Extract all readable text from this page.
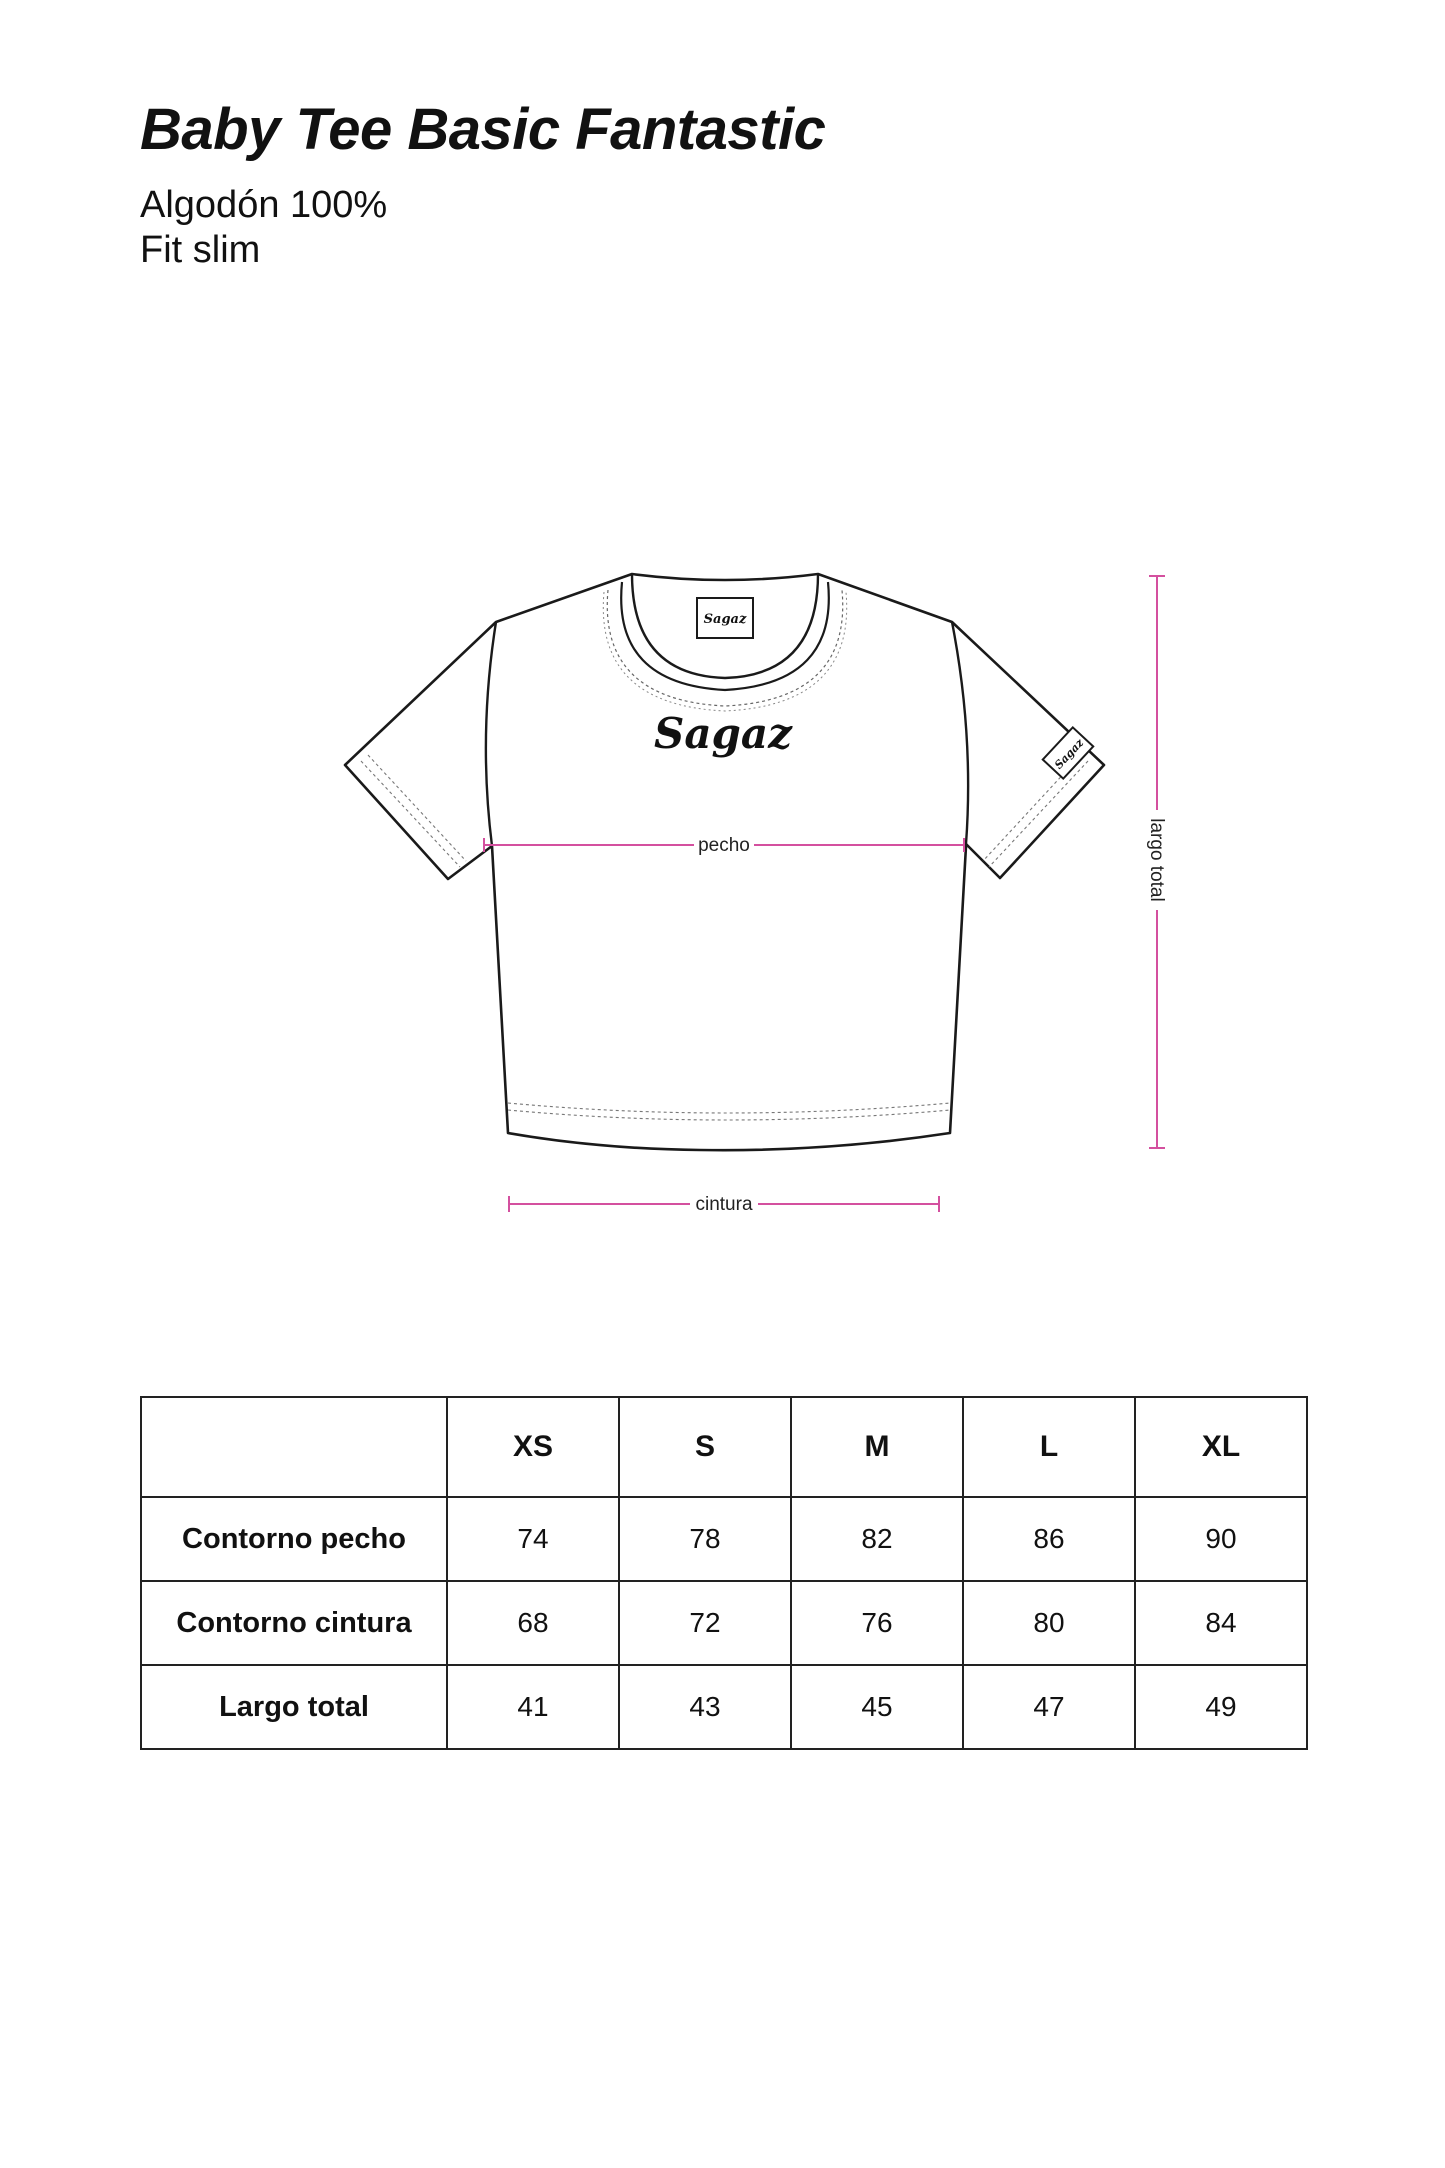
Baby Tee Basic Fantastic

Algodón 100%

Fit slim

Sagaz
Sagaz	Sagaz
pecho
cintura
largo total
	XS	S	M	L	XL
Contorno pecho	74	78	82	86	90
Contorno cintura	68	72	76	80	84
Largo total	41	43	45	47	49
